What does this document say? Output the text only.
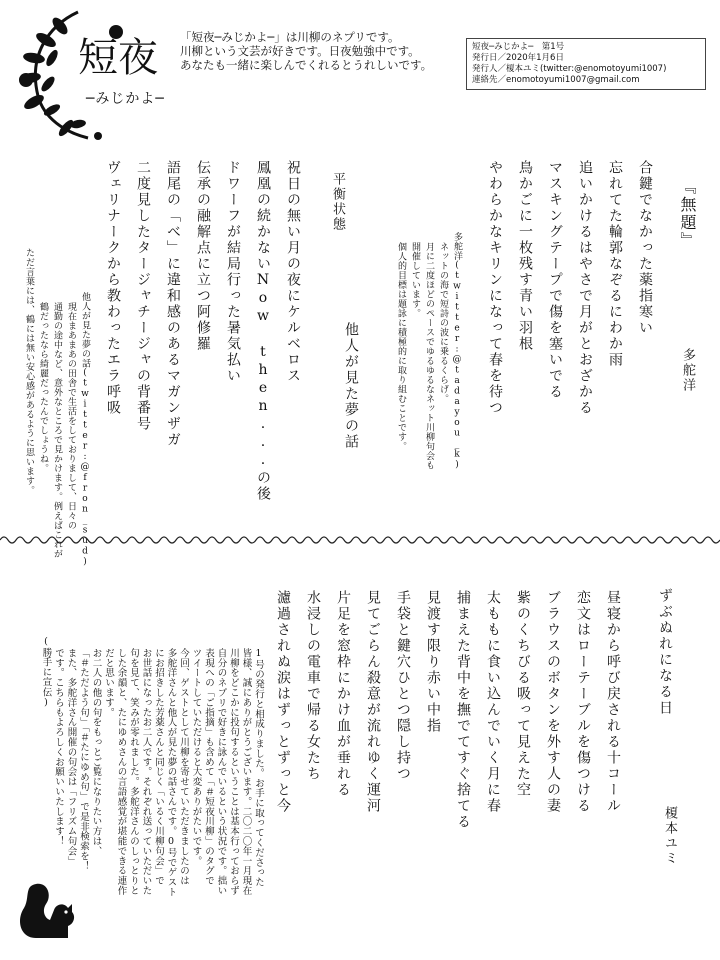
短夜
─みじかよ─
「短夜─みじかよ─」は川柳のネプリです。
川柳という文芸が好きです。日夜勉強中です。
あなたも一緒に楽しんでくれるとうれしいです。
短夜─みじかよ─　第1号
発行日／2020年1月6日
発行人／榎本ユミ(twitter:@enomotoyumi1007)
連絡先／enomotoyumi1007@gmail.com
『無題』
多舵洋
合鍵でなかった薬指寒い
忘れてた輪郭なぞるにわか雨
追いかけるはやさで月がとおざかる
マスキングテープで傷を塞いでる
鳥かごに一枚残す青い羽根
やわらかなキリンになって春を待つ
多舵洋(twitter:@tadayou_k)
ネットの海で短詩の波に乗るくらげ。
月に二度ほどのペースでゆるゆるなネット川柳句会も
開催しています。
個人的目標は題詠に積極的に取り組むことです。
他人が見た夢の話
平衡状態
祝日の無い月の夜にケルベロス
鳳凰の続かないNow then...の後
ドワーフが結局行った暑気払い
伝承の融解点に立つ阿修羅
語尾の「べ」に違和感のあるマガンザガ
二度見したタージャチージャの背番号
ヴェリナークから教わったエラ呼吸
他人が見た夢の話(twitter:@fron_sud)
現在まあまあの田舎で生活をしておりまして、日々の
通勤の途中など、意外なところで見かけます。例えばこれが
鶴だったなら綺麗だったんでしょうね。
ただ言葉には、鶴には無い安心感があるように思います。
ずぶぬれになる日
榎本ユミ
昼寝から呼び戻される十コール
恋文はローテーブルを傷つける
ブラウスのボタンを外す人の妻
紫のくちびる吸って見えた空
太ももに食い込んでいく月に春
捕まえた背中を撫でてすぐ捨てる
見渡す限り赤い中指
手袋と鍵穴ひとつ隠し持つ
見てごらん殺意が流れゆく運河
片足を窓枠にかけ血が垂れる
水浸しの電車で帰る女たち
濾過されぬ涙はずっとずっと今
1号の発行と相成りました。お手に取ってくださった
皆様、誠にありがとうございます。二〇二〇年一月現在
川柳をどこかに投句するということは基本行っておらず
自分のネプリで好きに詠んでいるという状況です。拙い
表現への「ご指摘」も含めて「＃短夜川柳」のタグで
ツイートしていただけると大変ありがたいです。
今回、ゲストとして川柳を寄せていただきましたのは
多舵洋さんと他人が見た夢の話さんです。0号でゲスト
にお招きした芳薬さんと同じく「いるく川柳句会」で
お世話になったお二人です。それぞれ送っていただいた
句を見て、笑みが零れました。多舵洋さんのしっとりと
した余韻と、たにゆめさんの言語感覚が堪能できる連作
だと思います。
お二人の他の句をもっとご覧になりたい方は、
「＃ただよう句」「＃たにゆめ句」で是非検索を！
また、多舵洋さん開催の句会は「フリズム句会」
です。こちらもよろしくお願いいたします！
(勝手に宣伝)
